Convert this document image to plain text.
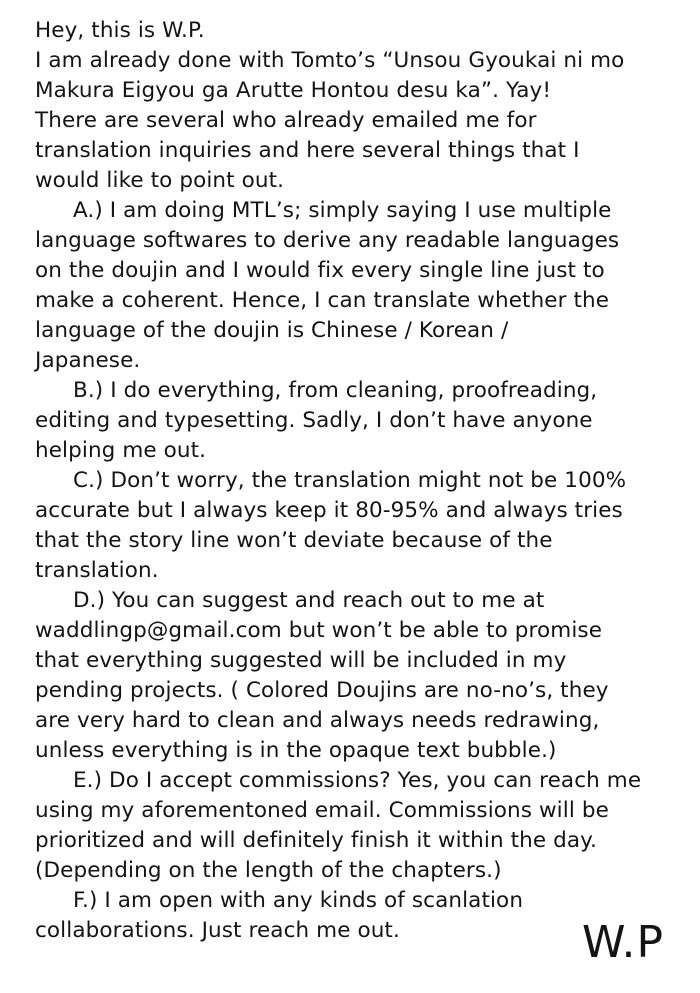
Hey, this is W.P.
I am already done with Tomto’s “Unsou Gyoukai ni mo
Makura Eigyou ga Arutte Hontou desu ka”. Yay!
There are several who already emailed me for
translation inquiries and here several things that I
would like to point out.
A.) I am doing MTL’s; simply saying I use multiple
language softwares to derive any readable languages
on the doujin and I would fix every single line just to
make a coherent. Hence, I can translate whether the
language of the doujin is Chinese / Korean /
Japanese.
B.) I do everything, from cleaning, proofreading,
editing and typesetting. Sadly, I don’t have anyone
helping me out.
C.) Don’t worry, the translation might not be 100%
accurate but I always keep it 80-95% and always tries
that the story line won’t deviate because of the
translation.
D.) You can suggest and reach out to me at
waddlingp@gmail.com but won’t be able to promise
that everything suggested will be included in my
pending projects. ( Colored Doujins are no-no’s, they
are very hard to clean and always needs redrawing,
unless everything is in the opaque text bubble.)
E.) Do I accept commissions? Yes, you can reach me
using my aforementoned email. Commissions will be
prioritized and will definitely finish it within the day.
(Depending on the length of the chapters.)
F.) I am open with any kinds of scanlation
collaborations. Just reach me out.	W.P
